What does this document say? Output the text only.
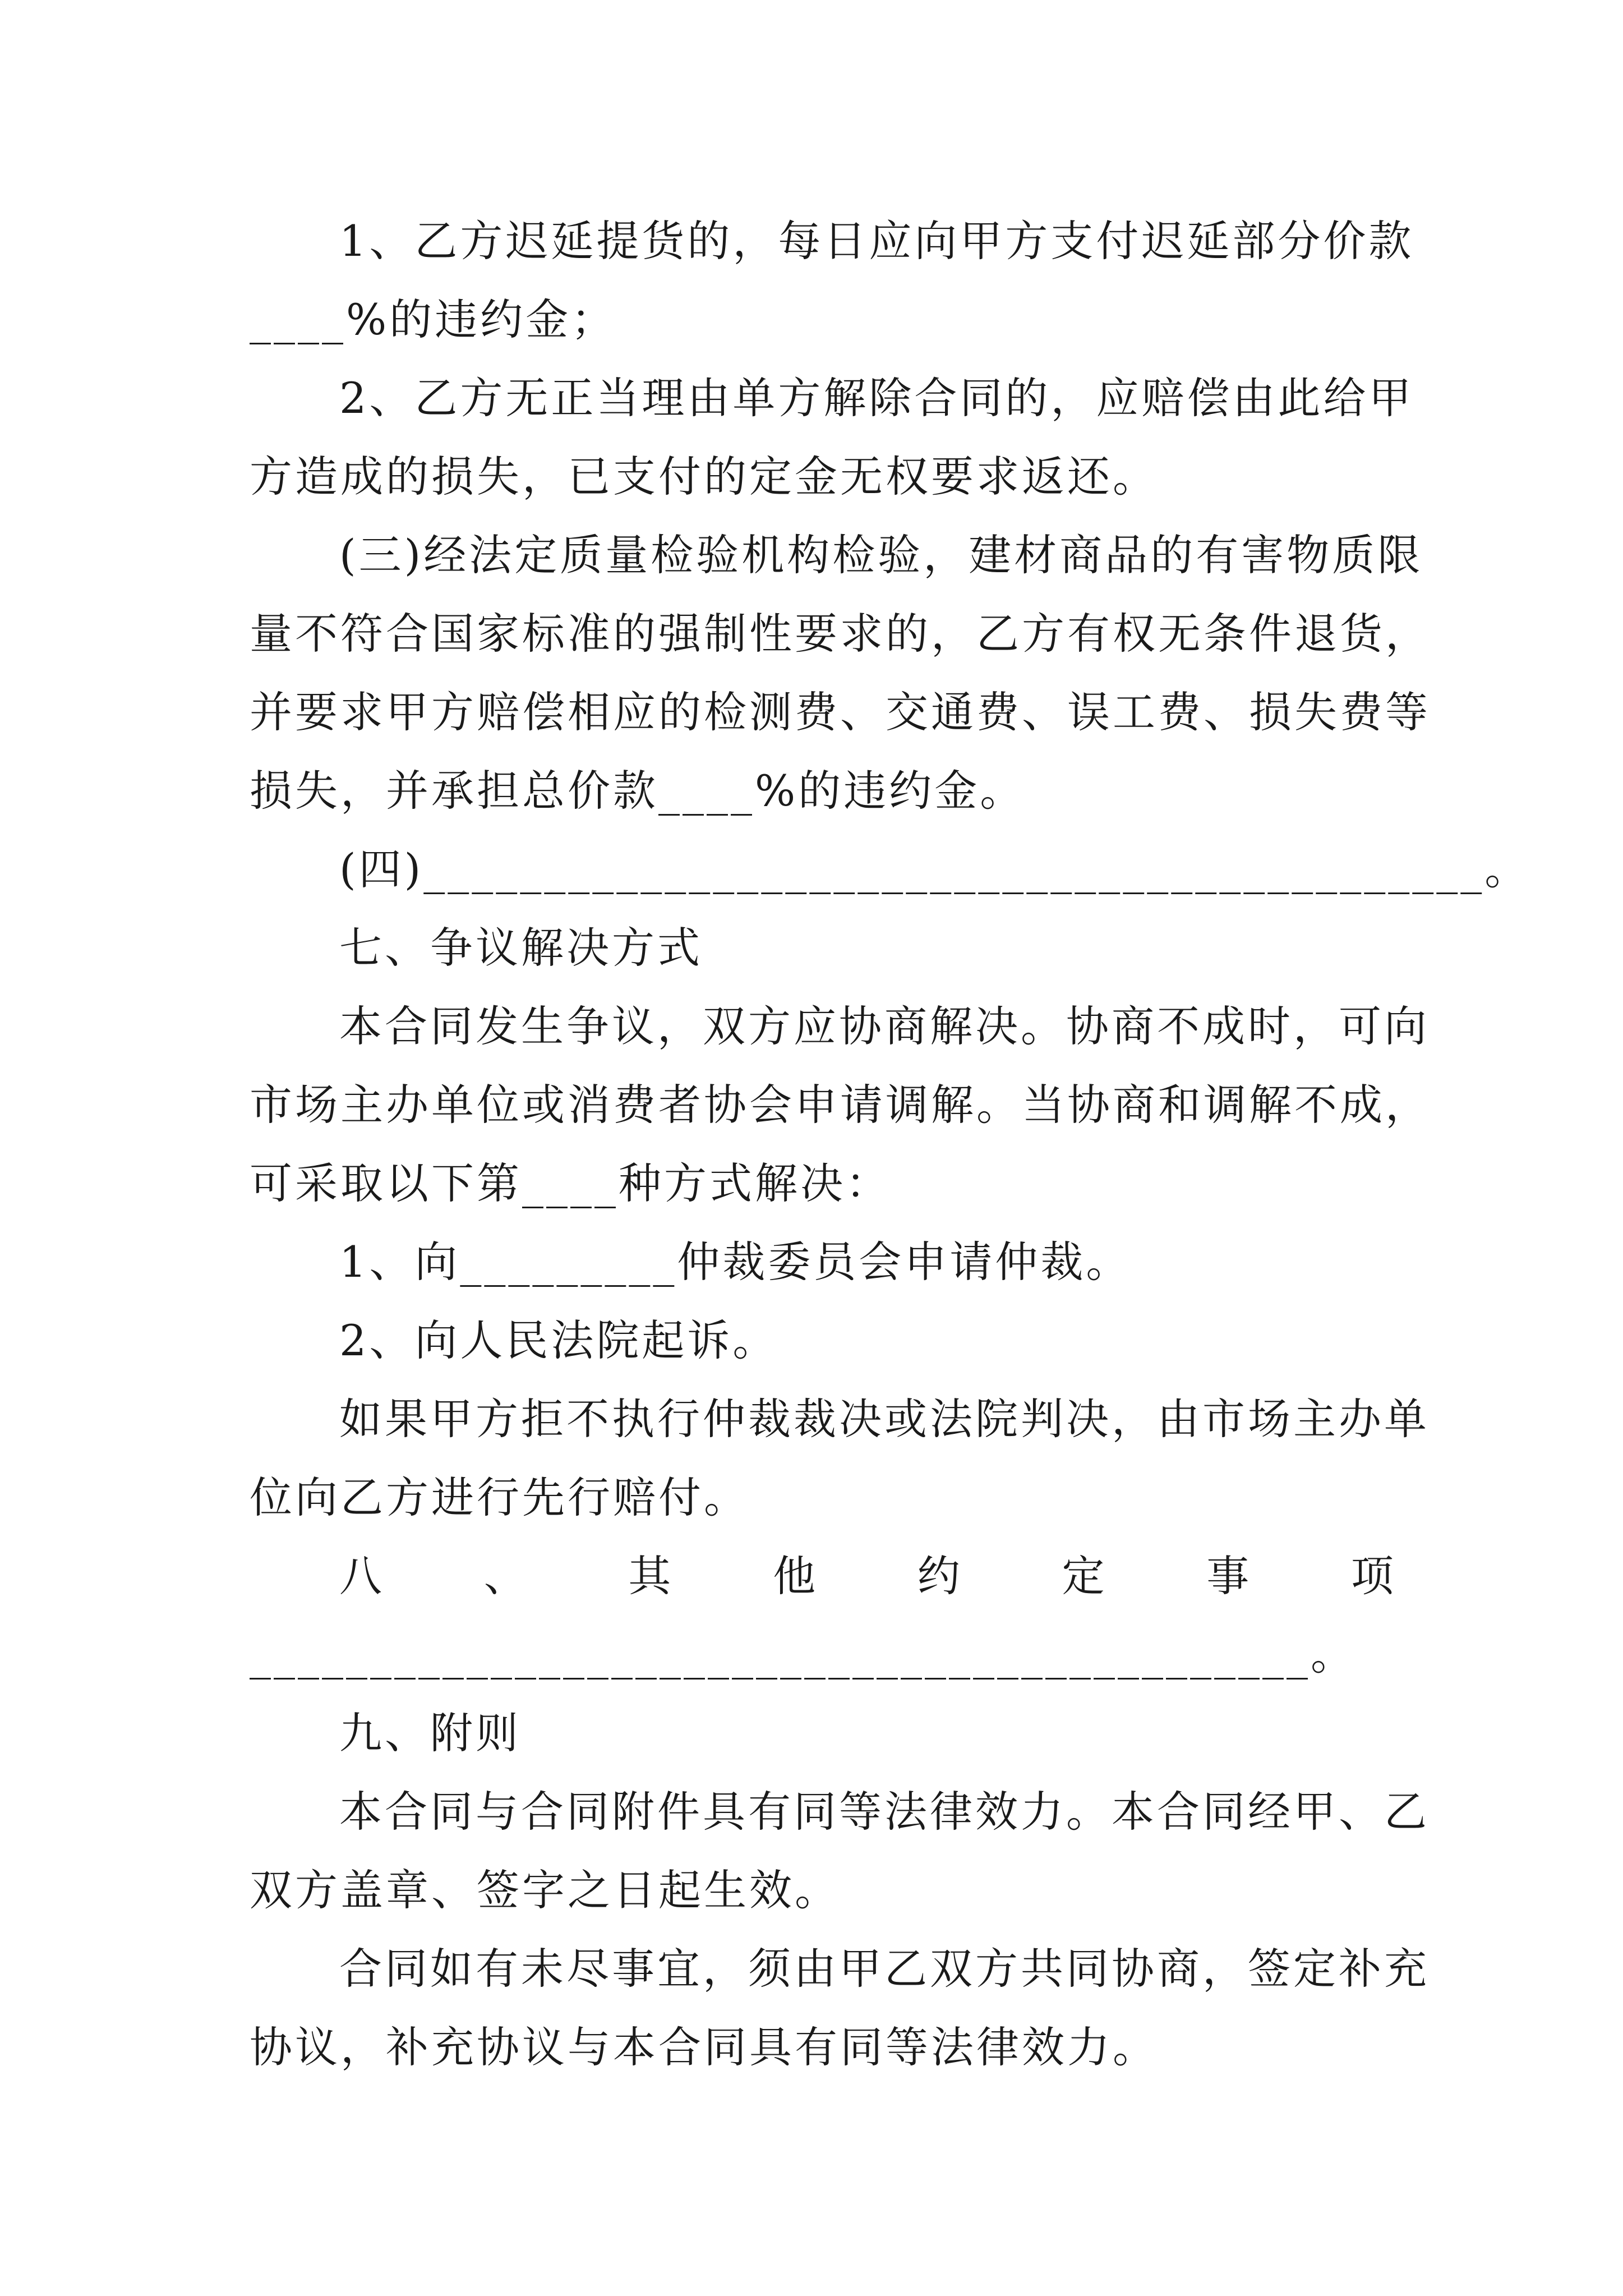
1、乙方迟延提货的，每日应向甲方支付迟延部分价款
____%的违约金；
2、乙方无正当理由单方解除合同的，应赔偿由此给甲
方造成的损失，已支付的定金无权要求返还。
(三)经法定质量检验机构检验，建材商品的有害物质限
量不符合国家标准的强制性要求的，乙方有权无条件退货，
并要求甲方赔偿相应的检测费、交通费、误工费、损失费等
损失，并承担总价款____%的违约金。
(四)____________________________________________。
七、争议解决方式
本合同发生争议，双方应协商解决。协商不成时，可向
市场主办单位或消费者协会申请调解。当协商和调解不成，
可采取以下第____种方式解决：
1、向_________仲裁委员会申请仲裁。
2、向人民法院起诉。
如果甲方拒不执行仲裁裁决或法院判决，由市场主办单
位向乙方进行先行赔付。
八 、 其 他 约 定 事 项
____________________________________________。
九、附则
本合同与合同附件具有同等法律效力。本合同经甲、乙
双方盖章、签字之日起生效。
合同如有未尽事宜，须由甲乙双方共同协商，签定补充
协议，补充协议与本合同具有同等法律效力。
